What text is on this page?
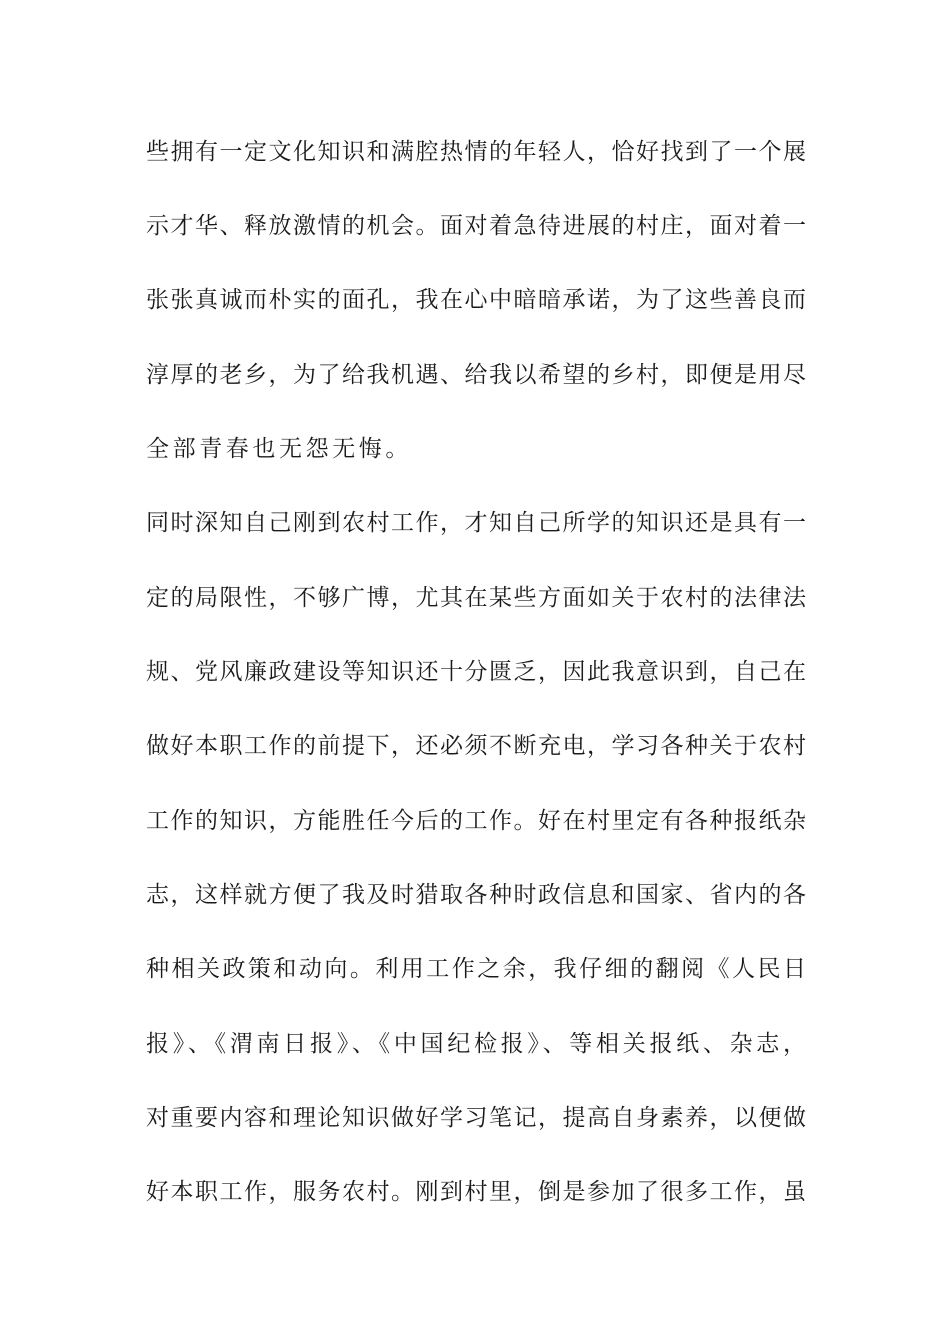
些拥有一定文化知识和满腔热情的年轻人，恰好找到了一个展
示才华、释放激情的机会。面对着急待进展的村庄，面对着一
张张真诚而朴实的面孔，我在心中暗暗承诺，为了这些善良而
淳厚的老乡，为了给我机遇、给我以希望的乡村，即便是用尽
全部青春也无怨无悔。
同时深知自己刚到农村工作，才知自己所学的知识还是具有一
定的局限性，不够广博，尤其在某些方面如关于农村的法律法
规、党风廉政建设等知识还十分匮乏，因此我意识到，自己在
做好本职工作的前提下，还必须不断充电，学习各种关于农村
工作的知识，方能胜任今后的工作。好在村里定有各种报纸杂
志，这样就方便了我及时猎取各种时政信息和国家、省内的各
种相关政策和动向。利用工作之余，我仔细的翻阅《人民日
报》、《渭南日报》、《中国纪检报》、等相关报纸、杂志，
对重要内容和理论知识做好学习笔记，提高自身素养，以便做
好本职工作，服务农村。刚到村里，倒是参加了很多工作，虽
